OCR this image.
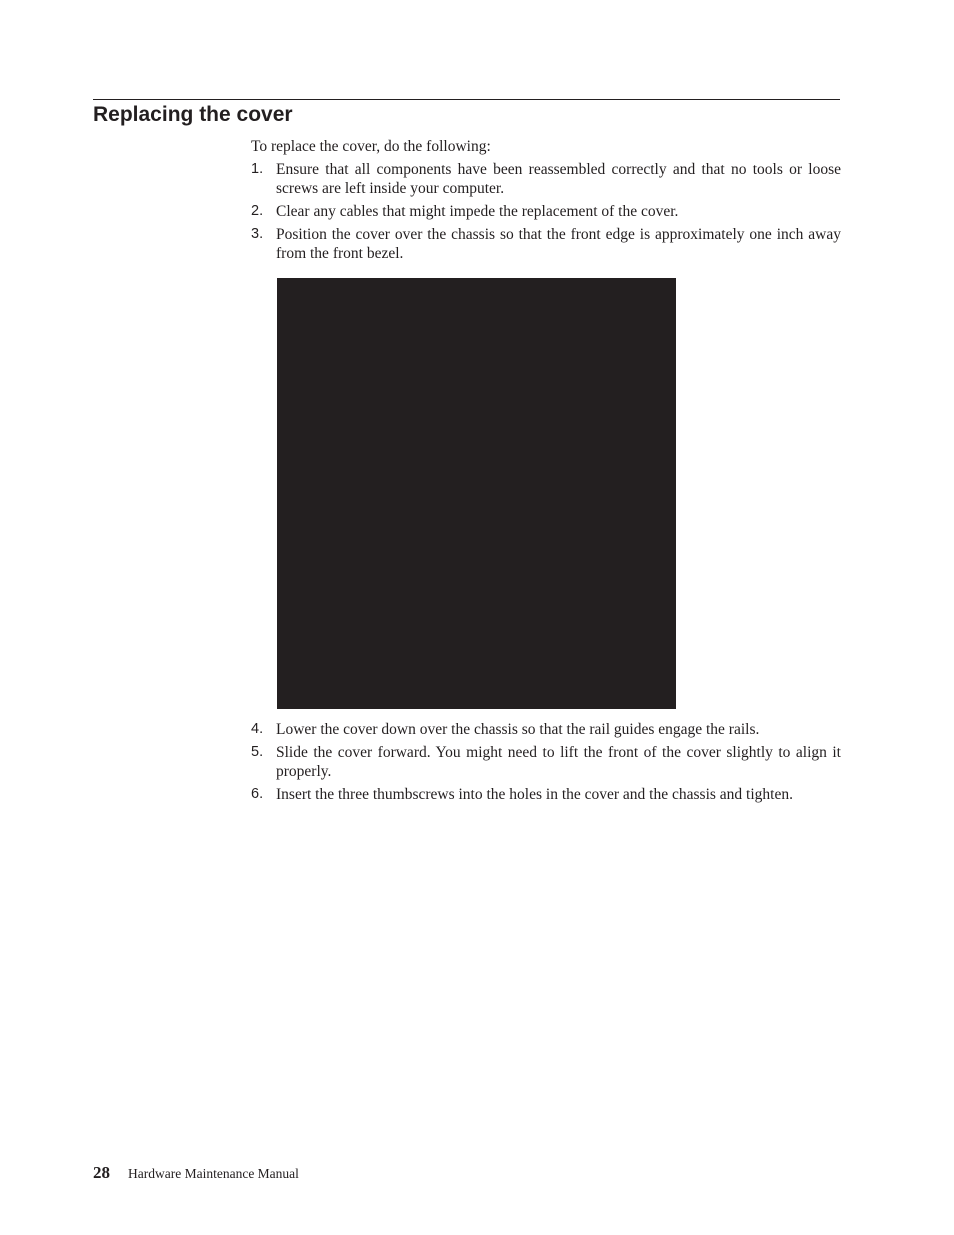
Replacing the cover
To replace the cover, do the following:
1. Ensure that all components have been reassembled correctly and that no tools or loose screws are left inside your computer.
2. Clear any cables that might impede the replacement of the cover.
3. Position the cover over the chassis so that the front edge is approximately one inch away from the front bezel.
4. Lower the cover down over the chassis so that the rail guides engage the rails.
5. Slide the cover forward. You might need to lift the front of the cover slightly to align it properly.
6. Insert the three thumbscrews into the holes in the cover and the chassis and tighten.
28 Hardware Maintenance Manual
